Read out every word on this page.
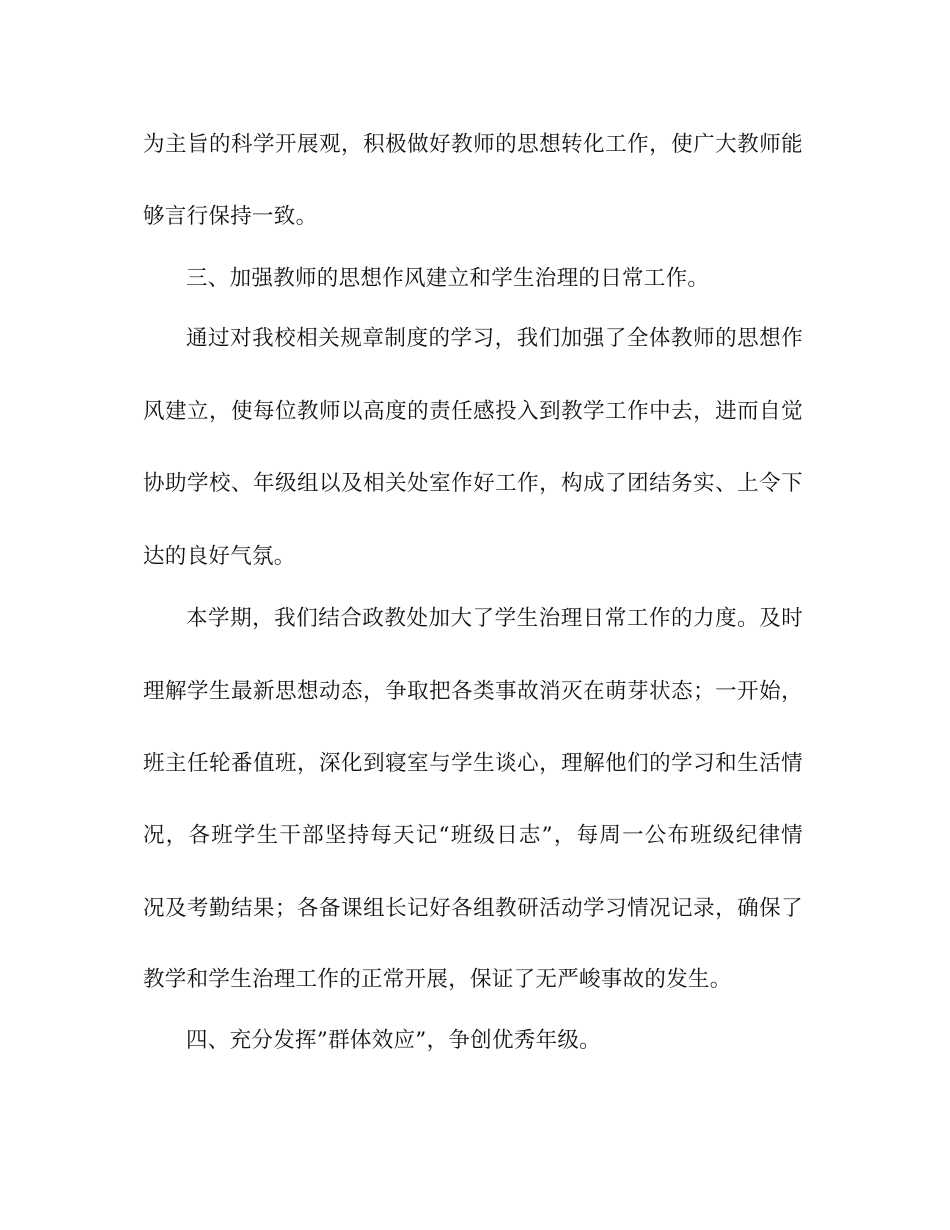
为主旨的科学开展观，积极做好教师的思想转化工作，使广大教师能
够言行保持一致。
三、加强教师的思想作风建立和学生治理的日常工作。
通过对我校相关规章制度的学习，我们加强了全体教师的思想作
风建立，使每位教师以高度的责任感投入到教学工作中去，进而自觉
协助学校、年级组以及相关处室作好工作，构成了团结务实、上令下
达的良好气氛。
本学期，我们结合政教处加大了学生治理日常工作的力度。及时
理解学生最新思想动态，争取把各类事故消灭在萌芽状态；一开始，
班主任轮番值班，深化到寝室与学生谈心，理解他们的学习和生活情
况，各班学生干部坚持每天记“班级日志”，每周一公布班级纪律情
况及考勤结果；各备课组长记好各组教研活动学习情况记录，确保了
教学和学生治理工作的正常开展，保证了无严峻事故的发生。
四、充分发挥”群体效应”，争创优秀年级。
